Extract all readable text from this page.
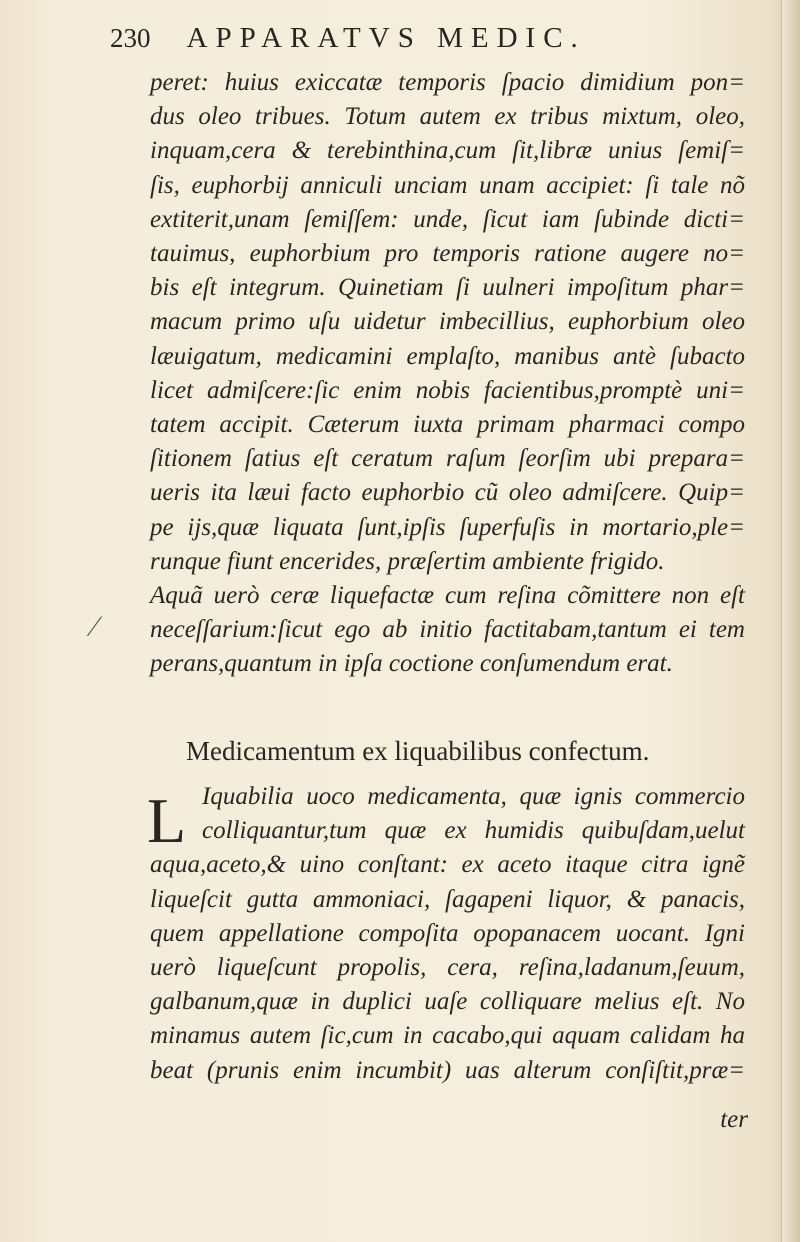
230 APPARATVS MEDIC.
peret: huius exiccatæ temporis ſpacio dimidium pon=
dus oleo tribues. Totum autem ex tribus mixtum, oleo,
inquam,cera & terebinthina,cum ſit,libræ unius ſemiſ=
ſis, euphorbij anniculi unciam unam accipiet: ſi tale nõ
extiterit,unam ſemiſſem: unde, ſicut iam ſubinde dicti=
tauimus, euphorbium pro temporis ratione augere no=
bis eſt integrum. Quinetiam ſi uulneri impoſitum phar=
macum primo uſu uidetur imbecillius, euphorbium oleo
læuigatum, medicamini emplaſto, manibus antè ſubacto
licet admiſcere:ſic enim nobis facientibus,promptè uni=
tatem accipit. Cæterum iuxta primam pharmaci compo
ſitionem ſatius eſt ceratum raſum ſeorſim ubi prepara=
ueris ita læui facto euphorbio cũ oleo admiſcere. Quip=
pe ijs,quæ liquata ſunt,ipſis ſuperfuſis in mortario,ple=
runque fiunt encerides, præſertim ambiente frigido.
Aquã uerò ceræ liquefactæ cum reſina cõmittere non eſt
neceſſarium:ſicut ego ab initio factitabam,tantum ei tem
perans,quantum in ipſa coctione conſumendum erat.
⁄
Medicamentum ex liquabilibus confectum.
L Iquabilia uoco medicamenta, quæ ignis commercio
colliquantur,tum quæ ex humidis quibuſdam,uelut
aqua,aceto,& uino conſtant: ex aceto itaque citra ignẽ
liqueſcit gutta ammoniaci, ſagapeni liquor, & panacis,
quem appellatione compoſita opopanacem uocant. Igni
uerò liqueſcunt propolis, cera, reſina,ladanum,ſeuum,
galbanum,quæ in duplici uaſe colliquare melius eſt. No
minamus autem ſic,cum in cacabo,qui aquam calidam ha
beat (prunis enim incumbit) uas alterum conſiſtit,præ=
ter
